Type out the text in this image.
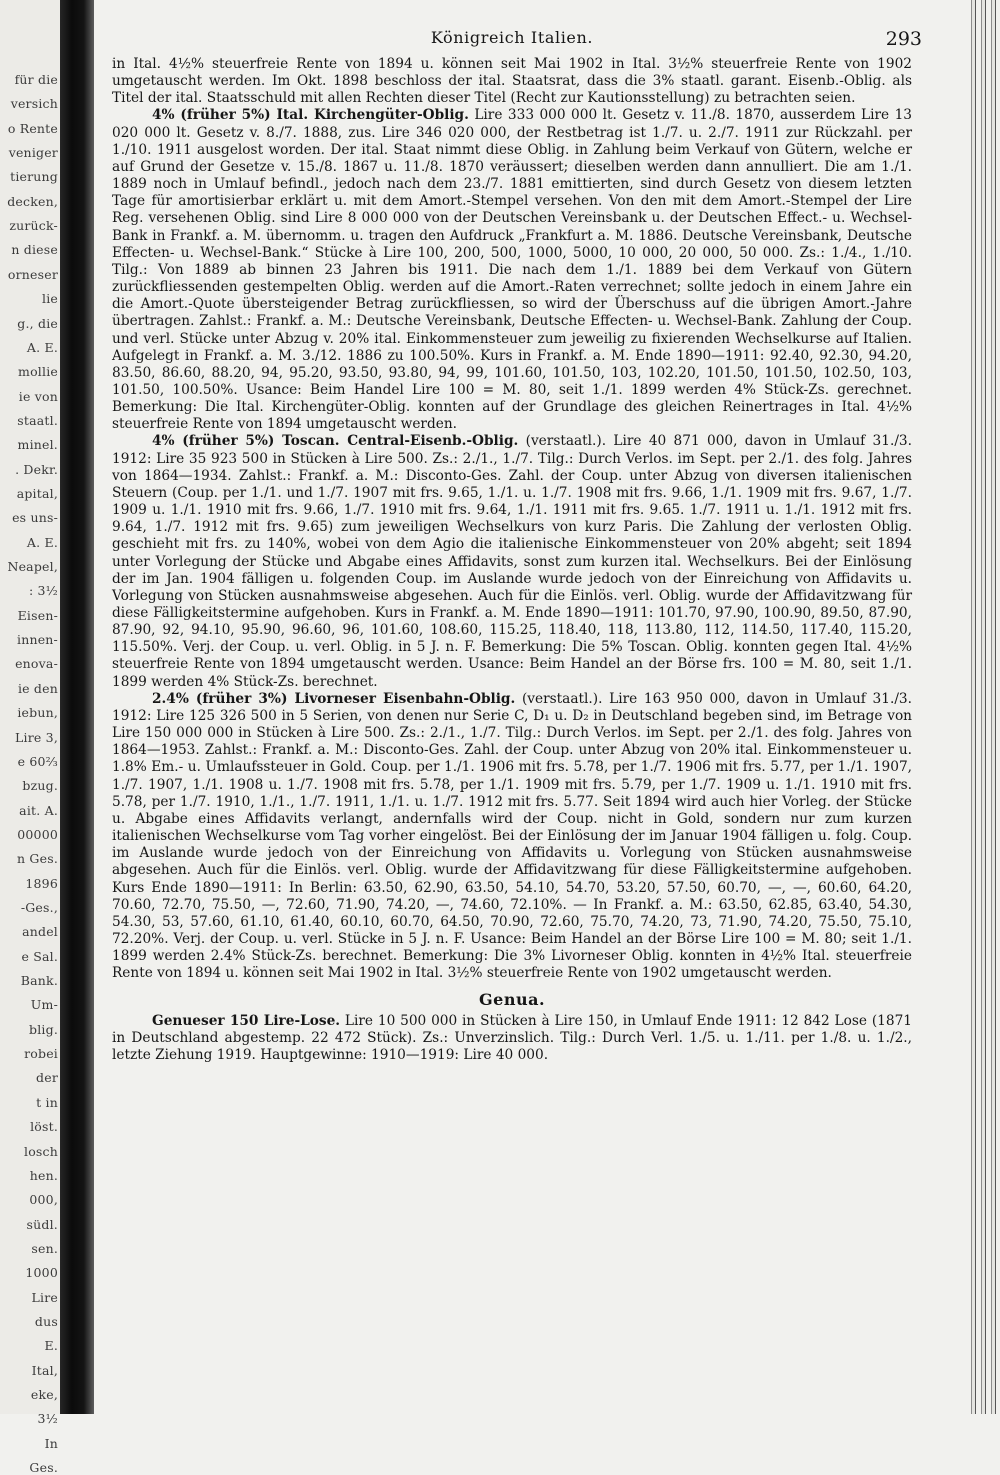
für die
versich
o Rente
veniger
tierung
decken,
zurück-
n diese
orneser
lie
g., die
A. E.
mollie
ie von
staatl.
minel.
. Dekr.
apital,
es uns-
A. E.
Neapel,
: 3½
Eisen-
innen-
enova-
ie den
iebun,
Lire 3,
e 60⅔
bzug.
ait. A.
00000
n Ges.
1896
-Ges.,
andel
e Sal.
Bank.
Um-
blig.
robei
der
t in
löst.
losch
hen.
000,
südl.
sen.
1000
Lire
dus
E.
Ital,
eke,
3½
In
Ges.
Königreich Italien.	293

in Ital. 4½% steuerfreie Rente von 1894 u. können seit Mai 1902 in Ital. 3½% steuerfreie Rente von 1902 umgetauscht werden. Im Okt. 1898 beschloss der ital. Staatsrat, dass die 3% staatl. garant. Eisenb.-Oblig. als Titel der ital. Staatsschuld mit allen Rechten dieser Titel (Recht zur Kautionsstellung) zu betrachten seien.

4% (früher 5%) Ital. Kirchengüter-Oblig. Lire 333 000 000 lt. Gesetz v. 11./8. 1870, ausserdem Lire 13 020 000 lt. Gesetz v. 8./7. 1888, zus. Lire 346 020 000, der Restbetrag ist 1./7. u. 2./7. 1911 zur Rückzahl. per 1./10. 1911 ausgelost worden. Der ital. Staat nimmt diese Oblig. in Zahlung beim Verkauf von Gütern, welche er auf Grund der Gesetze v. 15./8. 1867 u. 11./8. 1870 veräussert; dieselben werden dann annulliert. Die am 1./1. 1889 noch in Umlauf befindl., jedoch nach dem 23./7. 1881 emittierten, sind durch Gesetz von diesem letzten Tage für amortisierbar erklärt u. mit dem Amort.-Stempel versehen. Von den mit dem Amort.-Stempel der Lire Reg. versehenen Oblig. sind Lire 8 000 000 von der Deutschen Vereinsbank u. der Deutschen Effect.- u. Wechsel-Bank in Frankf. a. M. übernomm. u. tragen den Aufdruck „Frankfurt a. M. 1886. Deutsche Vereinsbank, Deutsche Effecten- u. Wechsel-Bank.“ Stücke à Lire 100, 200, 500, 1000, 5000, 10 000, 20 000, 50 000. Zs.: 1./4., 1./10. Tilg.: Von 1889 ab binnen 23 Jahren bis 1911. Die nach dem 1./1. 1889 bei dem Verkauf von Gütern zurückfliessenden gestempelten Oblig. werden auf die Amort.-Raten verrechnet; sollte jedoch in einem Jahre ein die Amort.-Quote übersteigender Betrag zurückfliessen, so wird der Überschuss auf die übrigen Amort.-Jahre übertragen. Zahlst.: Frankf. a. M.: Deutsche Vereinsbank, Deutsche Effecten- u. Wechsel-Bank. Zahlung der Coup. und verl. Stücke unter Abzug v. 20% ital. Einkommensteuer zum jeweilig zu fixierenden Wechselkurse auf Italien. Aufgelegt in Frankf. a. M. 3./12. 1886 zu 100.50%. Kurs in Frankf. a. M. Ende 1890—1911: 92.40, 92.30, 94.20, 83.50, 86.60, 88.20, 94, 95.20, 93.50, 93.80, 94, 99, 101.60, 101.50, 103, 102.20, 101.50, 101.50, 102.50, 103, 101.50, 100.50%. Usance: Beim Handel Lire 100 = M. 80, seit 1./1. 1899 werden 4% Stück-Zs. gerechnet. Bemerkung: Die Ital. Kirchengüter-Oblig. konnten auf der Grundlage des gleichen Reinertrages in Ital. 4½% steuerfreie Rente von 1894 umgetauscht werden.

4% (früher 5%) Toscan. Central-Eisenb.-Oblig. (verstaatl.). Lire 40 871 000, davon in Umlauf 31./3. 1912: Lire 35 923 500 in Stücken à Lire 500. Zs.: 2./1., 1./7. Tilg.: Durch Verlos. im Sept. per 2./1. des folg. Jahres von 1864—1934. Zahlst.: Frankf. a. M.: Disconto-Ges. Zahl. der Coup. unter Abzug von diversen italienischen Steuern (Coup. per 1./1. und 1./7. 1907 mit frs. 9.65, 1./1. u. 1./7. 1908 mit frs. 9.66, 1./1. 1909 mit frs. 9.67, 1./7. 1909 u. 1./1. 1910 mit frs. 9.66, 1./7. 1910 mit frs. 9.64, 1./1. 1911 mit frs. 9.65. 1./7. 1911 u. 1./1. 1912 mit frs. 9.64, 1./7. 1912 mit frs. 9.65) zum jeweiligen Wechselkurs von kurz Paris. Die Zahlung der verlosten Oblig. geschieht mit frs. zu 140%, wobei von dem Agio die italienische Einkommensteuer von 20% abgeht; seit 1894 unter Vorlegung der Stücke und Abgabe eines Affidavits, sonst zum kurzen ital. Wechselkurs. Bei der Einlösung der im Jan. 1904 fälligen u. folgenden Coup. im Auslande wurde jedoch von der Einreichung von Affidavits u. Vorlegung von Stücken ausnahmsweise abgesehen. Auch für die Einlös. verl. Oblig. wurde der Affidavitzwang für diese Fälligkeitstermine aufgehoben. Kurs in Frankf. a. M. Ende 1890—1911: 101.70, 97.90, 100.90, 89.50, 87.90, 87.90, 92, 94.10, 95.90, 96.60, 96, 101.60, 108.60, 115.25, 118.40, 118, 113.80, 112, 114.50, 117.40, 115.20, 115.50%. Verj. der Coup. u. verl. Oblig. in 5 J. n. F. Bemerkung: Die 5% Toscan. Oblig. konnten gegen Ital. 4½% steuerfreie Rente von 1894 umgetauscht werden. Usance: Beim Handel an der Börse frs. 100 = M. 80, seit 1./1. 1899 werden 4% Stück-Zs. berechnet.

2.4% (früher 3%) Livorneser Eisenbahn-Oblig. (verstaatl.). Lire 163 950 000, davon in Umlauf 31./3. 1912: Lire 125 326 500 in 5 Serien, von denen nur Serie C, D₁ u. D₂ in Deutschland begeben sind, im Betrage von Lire 150 000 000 in Stücken à Lire 500. Zs.: 2./1., 1./7. Tilg.: Durch Verlos. im Sept. per 2./1. des folg. Jahres von 1864—1953. Zahlst.: Frankf. a. M.: Disconto-Ges. Zahl. der Coup. unter Abzug von 20% ital. Einkommensteuer u. 1.8% Em.- u. Umlaufssteuer in Gold. Coup. per 1./1. 1906 mit frs. 5.78, per 1./7. 1906 mit frs. 5.77, per 1./1. 1907, 1./7. 1907, 1./1. 1908 u. 1./7. 1908 mit frs. 5.78, per 1./1. 1909 mit frs. 5.79, per 1./7. 1909 u. 1./1. 1910 mit frs. 5.78, per 1./7. 1910, 1./1., 1./7. 1911, 1./1. u. 1./7. 1912 mit frs. 5.77. Seit 1894 wird auch hier Vorleg. der Stücke u. Abgabe eines Affidavits verlangt, andernfalls wird der Coup. nicht in Gold, sondern nur zum kurzen italienischen Wechselkurse vom Tag vorher eingelöst. Bei der Einlösung der im Januar 1904 fälligen u. folg. Coup. im Auslande wurde jedoch von der Einreichung von Affidavits u. Vorlegung von Stücken ausnahmsweise abgesehen. Auch für die Einlös. verl. Oblig. wurde der Affidavitzwang für diese Fälligkeitstermine aufgehoben. Kurs Ende 1890—1911: In Berlin: 63.50, 62.90, 63.50, 54.10, 54.70, 53.20, 57.50, 60.70, —, —, 60.60, 64.20, 70.60, 72.70, 75.50, —, 72.60, 71.90, 74.20, —, 74.60, 72.10%. — In Frankf. a. M.: 63.50, 62.85, 63.40, 54.30, 54.30, 53, 57.60, 61.10, 61.40, 60.10, 60.70, 64.50, 70.90, 72.60, 75.70, 74.20, 73, 71.90, 74.20, 75.50, 75.10, 72.20%. Verj. der Coup. u. verl. Stücke in 5 J. n. F. Usance: Beim Handel an der Börse Lire 100 = M. 80; seit 1./1. 1899 werden 2.4% Stück-Zs. berechnet. Bemerkung: Die 3% Livorneser Oblig. konnten in 4½% Ital. steuerfreie Rente von 1894 u. können seit Mai 1902 in Ital. 3½% steuerfreie Rente von 1902 umgetauscht werden.

Genua.

Genueser 150 Lire-Lose. Lire 10 500 000 in Stücken à Lire 150, in Umlauf Ende 1911: 12 842 Lose (1871 in Deutschland abgestemp. 22 472 Stück). Zs.: Unverzinslich. Tilg.: Durch Verl. 1./5. u. 1./11. per 1./8. u. 1./2., letzte Ziehung 1919. Hauptgewinne: 1910—1919: Lire 40 000.
